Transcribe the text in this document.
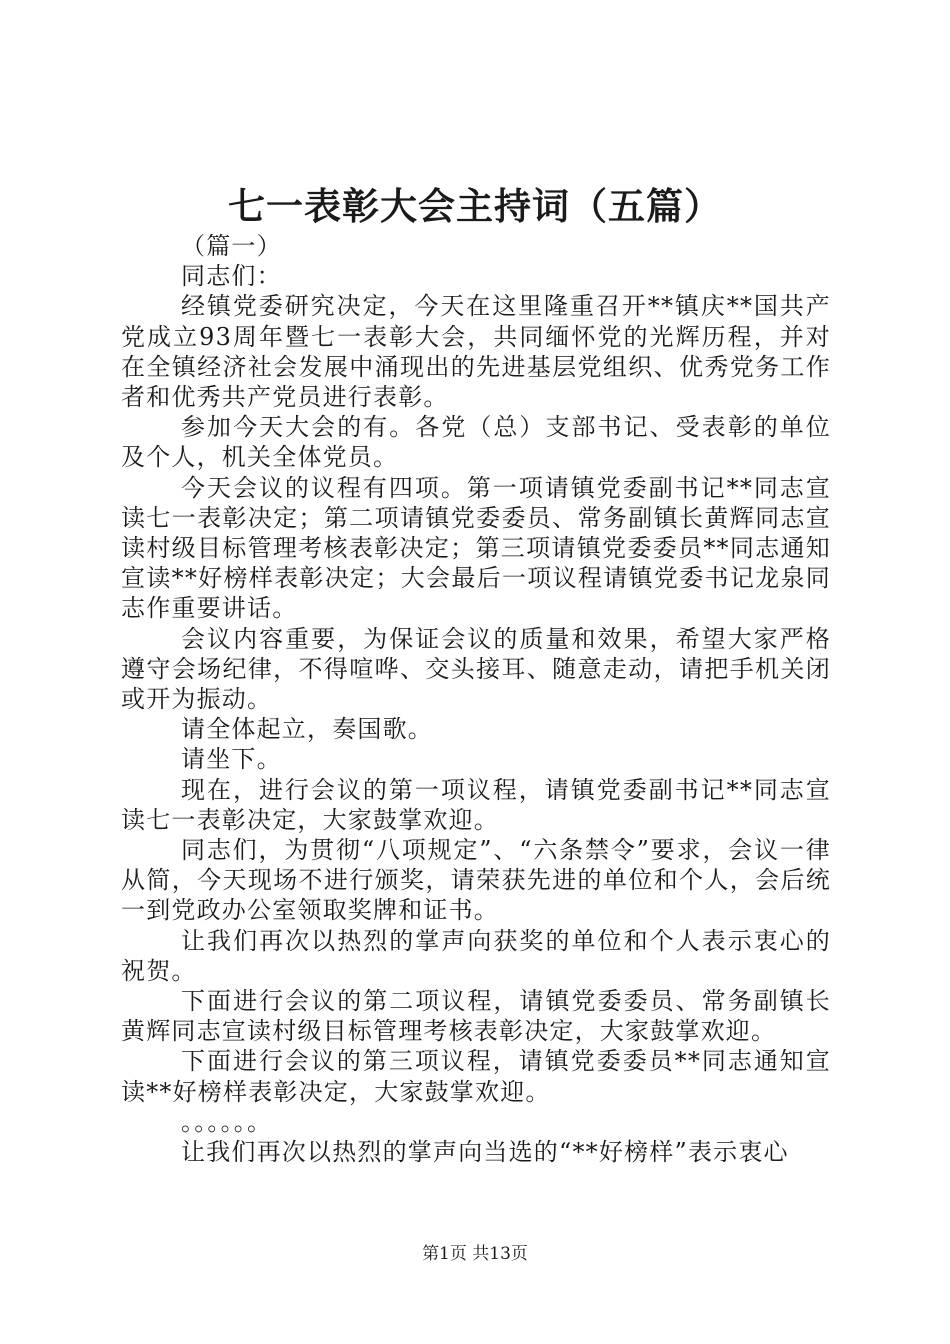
七一表彰大会主持词（五篇）

（篇一）

同志们：

经镇党委研究决定，今天在这里隆重召开**镇庆**国共产党成立93周年暨七一表彰大会，共同缅怀党的光辉历程，并对在全镇经济社会发展中涌现出的先进基层党组织、优秀党务工作者和优秀共产党员进行表彰。

参加今天大会的有。各党（总）支部书记、受表彰的单位及个人，机关全体党员。

今天会议的议程有四项。第一项请镇党委副书记**同志宣读七一表彰决定；第二项请镇党委委员、常务副镇长黄辉同志宣读村级目标管理考核表彰决定；第三项请镇党委委员**同志通知宣读**好榜样表彰决定；大会最后一项议程请镇党委书记龙泉同志作重要讲话。

会议内容重要，为保证会议的质量和效果，希望大家严格遵守会场纪律，不得喧哗、交头接耳、随意走动，请把手机关闭或开为振动。

请全体起立，奏国歌。

请坐下。

现在，进行会议的第一项议程，请镇党委副书记**同志宣读七一表彰决定，大家鼓掌欢迎。

同志们，为贯彻“八项规定”、“六条禁令”要求，会议一律从简，今天现场不进行颁奖，请荣获先进的单位和个人，会后统一到党政办公室领取奖牌和证书。

让我们再次以热烈的掌声向获奖的单位和个人表示衷心的祝贺。

下面进行会议的第二项议程，请镇党委委员、常务副镇长黄辉同志宣读村级目标管理考核表彰决定，大家鼓掌欢迎。

下面进行会议的第三项议程，请镇党委委员**同志通知宣读**好榜样表彰决定，大家鼓掌欢迎。

。。。。。。

让我们再次以热烈的掌声向当选的“**好榜样”表示衷心

第1页 共13页
